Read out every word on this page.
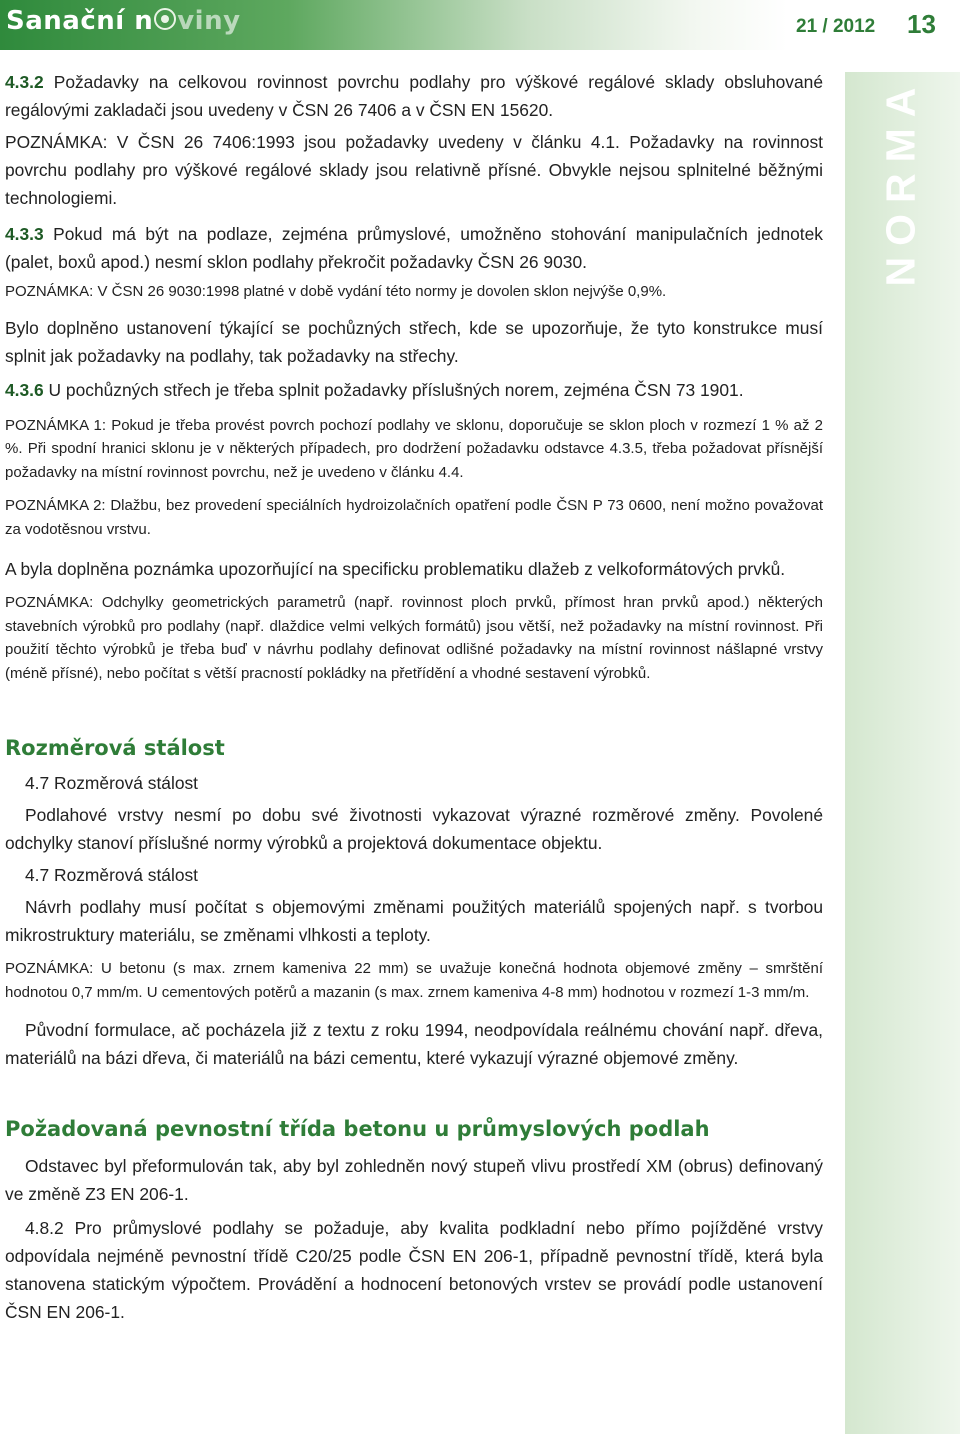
Sanační n viny	21 / 2012 13
NORMA

4.3.2 Požadavky na celkovou rovinnost povrchu podlahy pro výškové regálové sklady obsluhované regálovými zakladači jsou uvedeny v ČSN 26 7406 a v ČSN EN 15620.

POZNÁMKA: V ČSN 26 7406:1993 jsou požadavky uvedeny v článku 4.1. Požadavky na rovinnost povrchu podlahy pro výškové regálové sklady jsou relativně přísné. Obvykle nejsou splnitelné běžnými technologiemi.

4.3.3 Pokud má být na podlaze, zejména průmyslové, umožněno stohování manipulačních jednotek (palet, boxů apod.) nesmí sklon podlahy překročit požadavky ČSN 26 9030.

POZNÁMKA: V ČSN 26 9030:1998 platné v době vydání této normy je dovolen sklon nejvýše 0,9%.

Bylo doplněno ustanovení týkající se pochůzných střech, kde se upozorňuje, že tyto konstrukce musí splnit jak požadavky na podlahy, tak požadavky na střechy.

4.3.6 U pochůzných střech je třeba splnit požadavky příslušných norem, zejména ČSN 73 1901.

POZNÁMKA 1: Pokud je třeba provést povrch pochozí podlahy ve sklonu, doporučuje se sklon ploch v rozmezí 1 % až 2 %. Při spodní hranici sklonu je v některých případech, pro dodržení požadavku odstavce 4.3.5, třeba požadovat přísnější požadavky na místní rovinnost povrchu, než je uvedeno v článku 4.4.

POZNÁMKA 2: Dlažbu, bez provedení speciálních hydroizolačních opatření podle ČSN P 73 0600, není možno považovat za vodotěsnou vrstvu.

A byla doplněna poznámka upozorňující na specificku problematiku dlažeb z velkoformátových prvků.

POZNÁMKA: Odchylky geometrických parametrů (např. rovinnost ploch prvků, přímost hran prvků apod.) některých stavebních výrobků pro podlahy (např. dlaždice velmi velkých formátů) jsou větší, než požadavky na místní rovinnost. Při použití těchto výrobků je třeba buď v návrhu podlahy definovat odlišné požadavky na místní rovinnost nášlapné vrstvy (méně přísné), nebo počítat s větší pracností pokládky na přetřídění a vhodné sestavení výrobků.

Rozměrová stálost

4.7 Rozměrová stálost

Podlahové vrstvy nesmí po dobu své životnosti vykazovat výrazné rozměrové změny. Povolené odchylky stanoví příslušné normy výrobků a projektová dokumentace objektu.

4.7 Rozměrová stálost

Návrh podlahy musí počítat s objemovými změnami použitých materiálů spojených např. s tvorbou mikrostruktury materiálu, se změnami vlhkosti a teploty.

POZNÁMKA: U betonu (s max. zrnem kameniva 22 mm) se uvažuje konečná hodnota objemové změny – smrštění hodnotou 0,7 mm/m. U cementových potěrů a mazanin (s max. zrnem kameniva 4-8 mm) hodnotou v rozmezí 1-3 mm/m.

Původní formulace, ač pocházela již z textu z roku 1994, neodpovídala reálnému chování např. dřeva, materiálů na bázi dřeva, či materiálů na bázi cementu, které vykazují výrazné objemové změny.

Požadovaná pevnostní třída betonu u průmyslových podlah

Odstavec byl přeformulován tak, aby byl zohledněn nový stupeň vlivu prostředí XM (obrus) definovaný ve změně Z3 EN 206-1.

4.8.2 Pro průmyslové podlahy se požaduje, aby kvalita podkladní nebo přímo pojížděné vrstvy odpovídala nejméně pevnostní třídě C20/25 podle ČSN EN 206-1, případně pevnostní třídě, která byla stanovena statickým výpočtem. Provádění a hodnocení betonových vrstev se provádí podle ustanovení ČSN EN 206-1.
